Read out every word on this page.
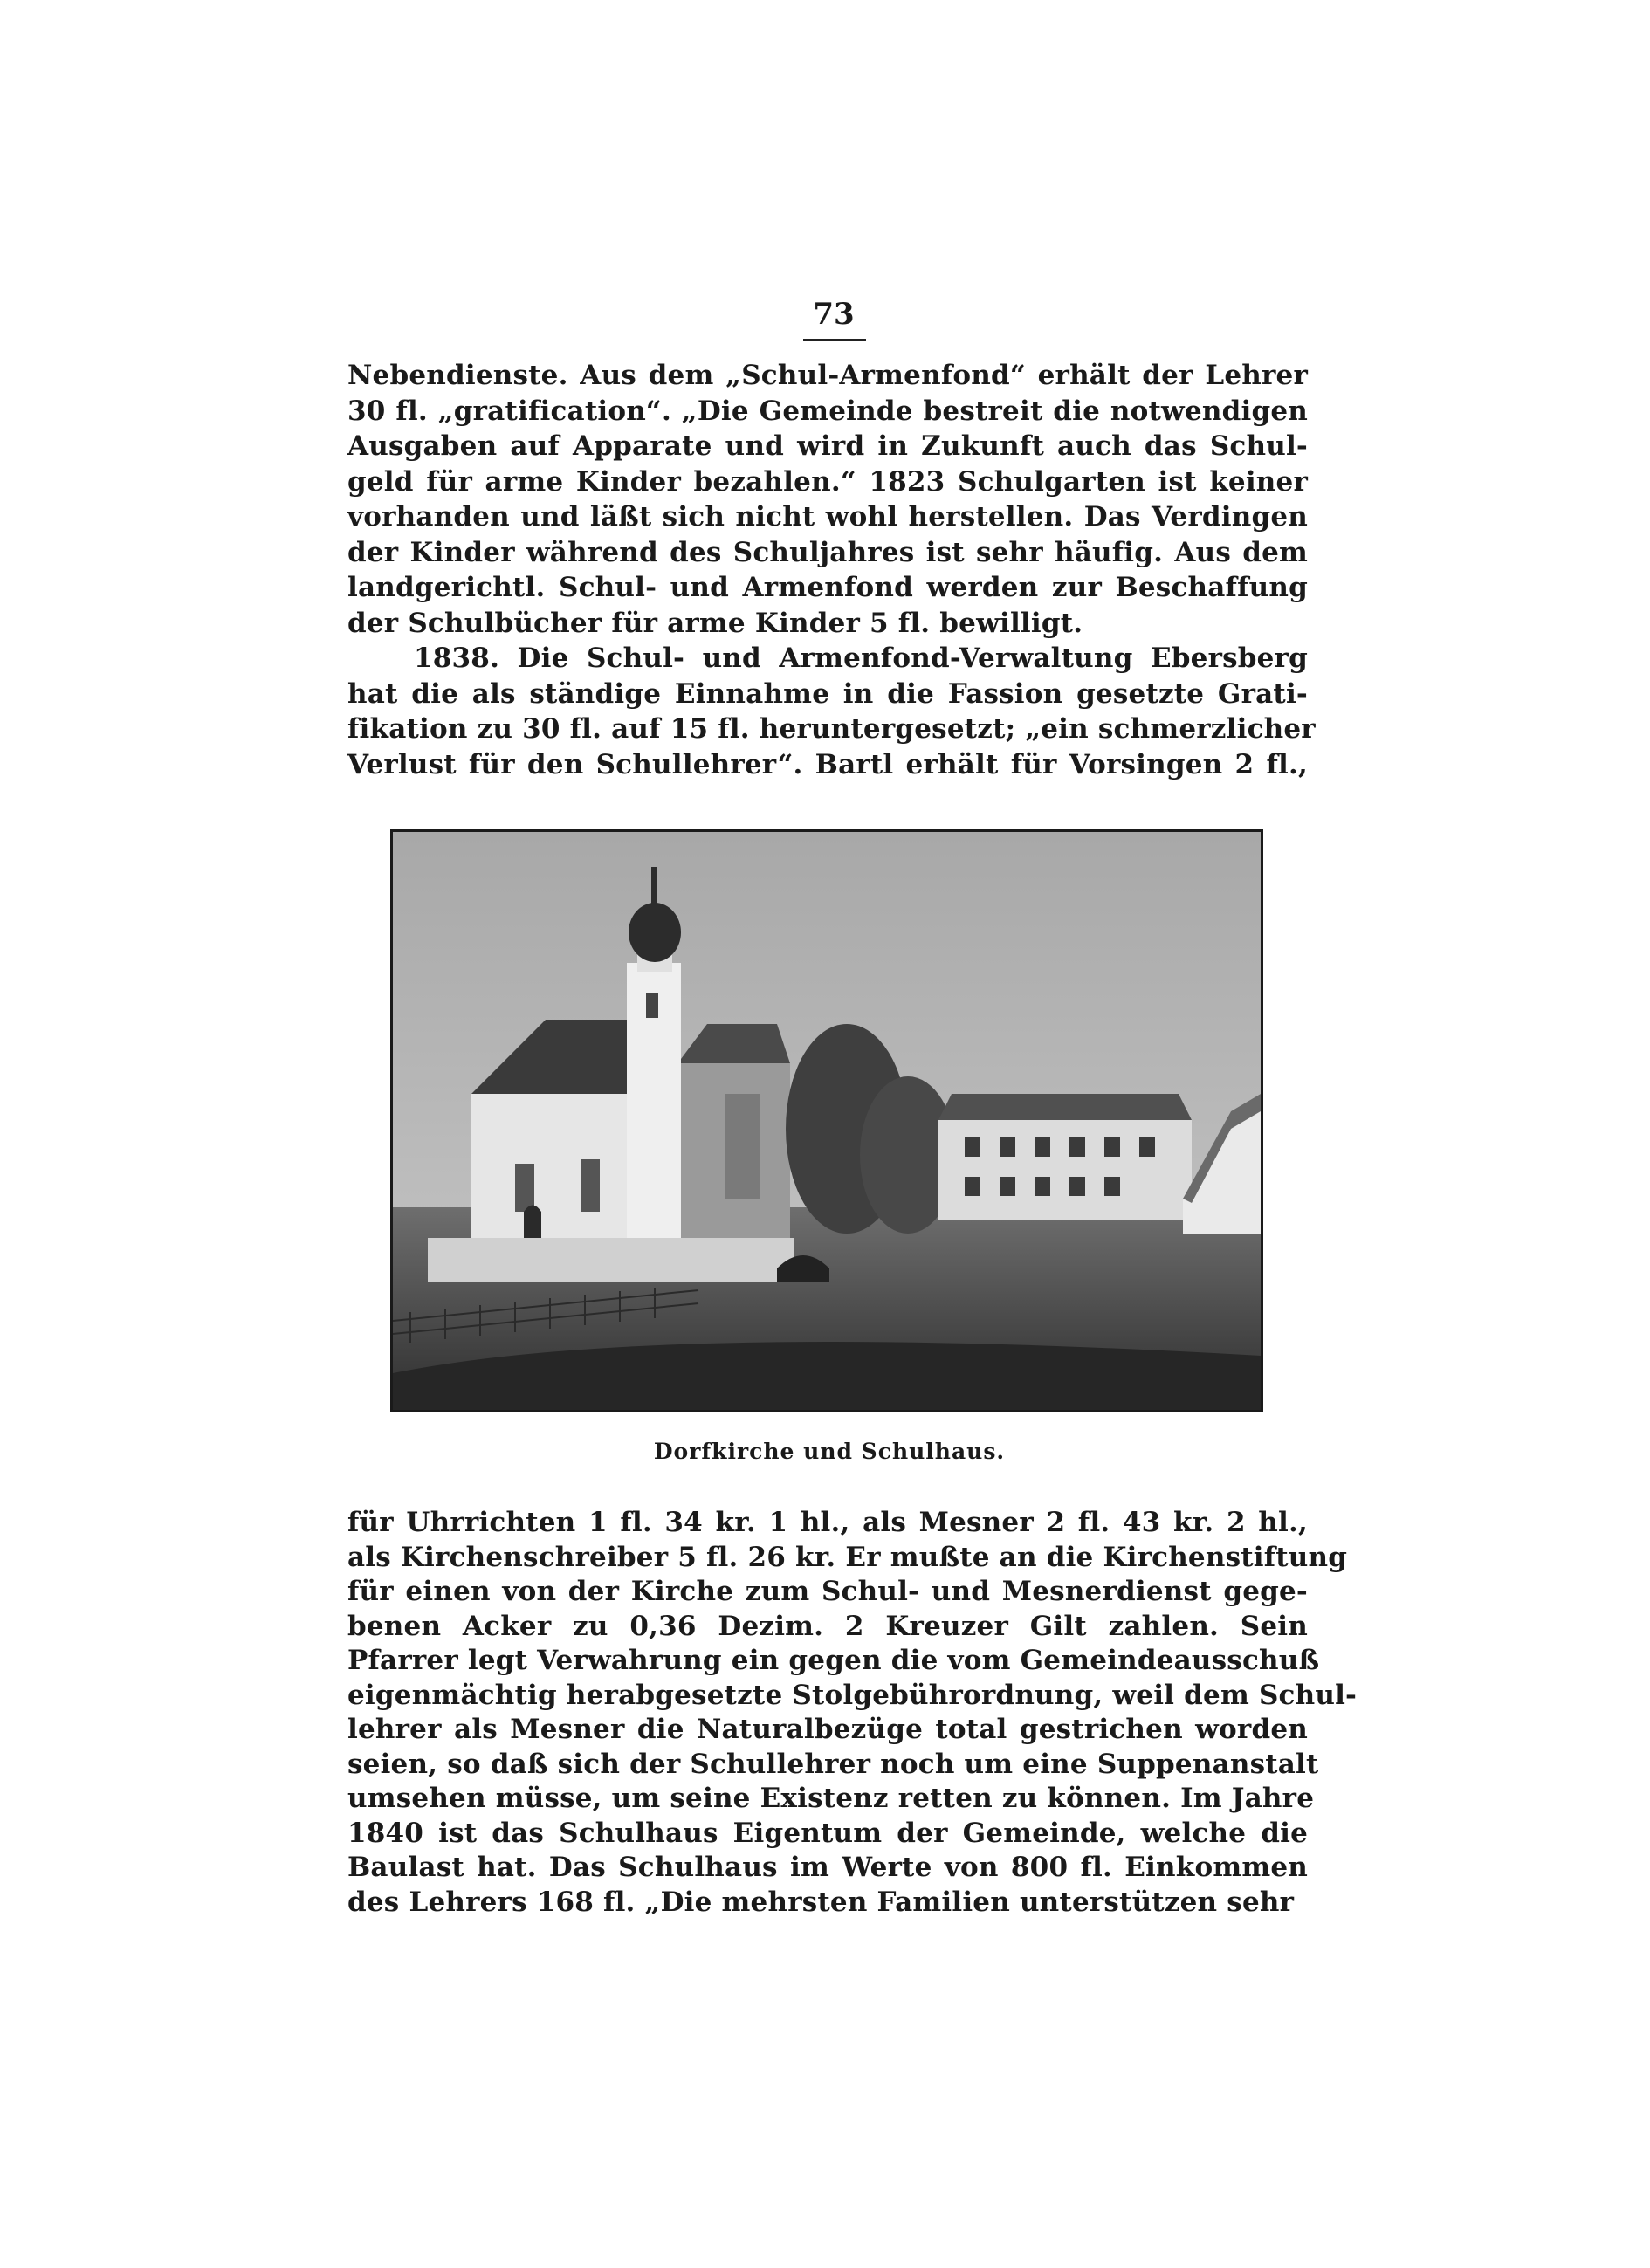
73
Nebendienste. Aus dem „Schul-Armenfond“ erhält der Lehrer
30 fl. „gratification“. „Die Gemeinde bestreit die notwendigen
Ausgaben auf Apparate und wird in Zukunft auch das Schul-
geld für arme Kinder bezahlen.“ 1823 Schulgarten ist keiner
vorhanden und läßt sich nicht wohl herstellen. Das Verdingen
der Kinder während des Schuljahres ist sehr häufig. Aus dem
landgerichtl. Schul- und Armenfond werden zur Beschaffung
der Schulbücher für arme Kinder 5 fl. bewilligt.
1838. Die Schul- und Armenfond-Verwaltung Ebersberg
hat die als ständige Einnahme in die Fassion gesetzte Grati-
fikation zu 30 fl. auf 15 fl. heruntergesetzt; „ein schmerzlicher
Verlust für den Schullehrer“. Bartl erhält für Vorsingen 2 fl.,
Dorfkirche und Schulhaus.
für Uhrrichten 1 fl. 34 kr. 1 hl., als Mesner 2 fl. 43 kr. 2 hl.,
als Kirchenschreiber 5 fl. 26 kr. Er mußte an die Kirchenstiftung
für einen von der Kirche zum Schul- und Mesnerdienst gege-
benen Acker zu 0,36 Dezim. 2 Kreuzer Gilt zahlen. Sein
Pfarrer legt Verwahrung ein gegen die vom Gemeindeausschuß
eigenmächtig herabgesetzte Stolgebührordnung, weil dem Schul-
lehrer als Mesner die Naturalbezüge total gestrichen worden
seien, so daß sich der Schullehrer noch um eine Suppenanstalt
umsehen müsse, um seine Existenz retten zu können. Im Jahre
1840 ist das Schulhaus Eigentum der Gemeinde, welche die
Baulast hat. Das Schulhaus im Werte von 800 fl. Einkommen
des Lehrers 168 fl. „Die mehrsten Familien unterstützen sehr
